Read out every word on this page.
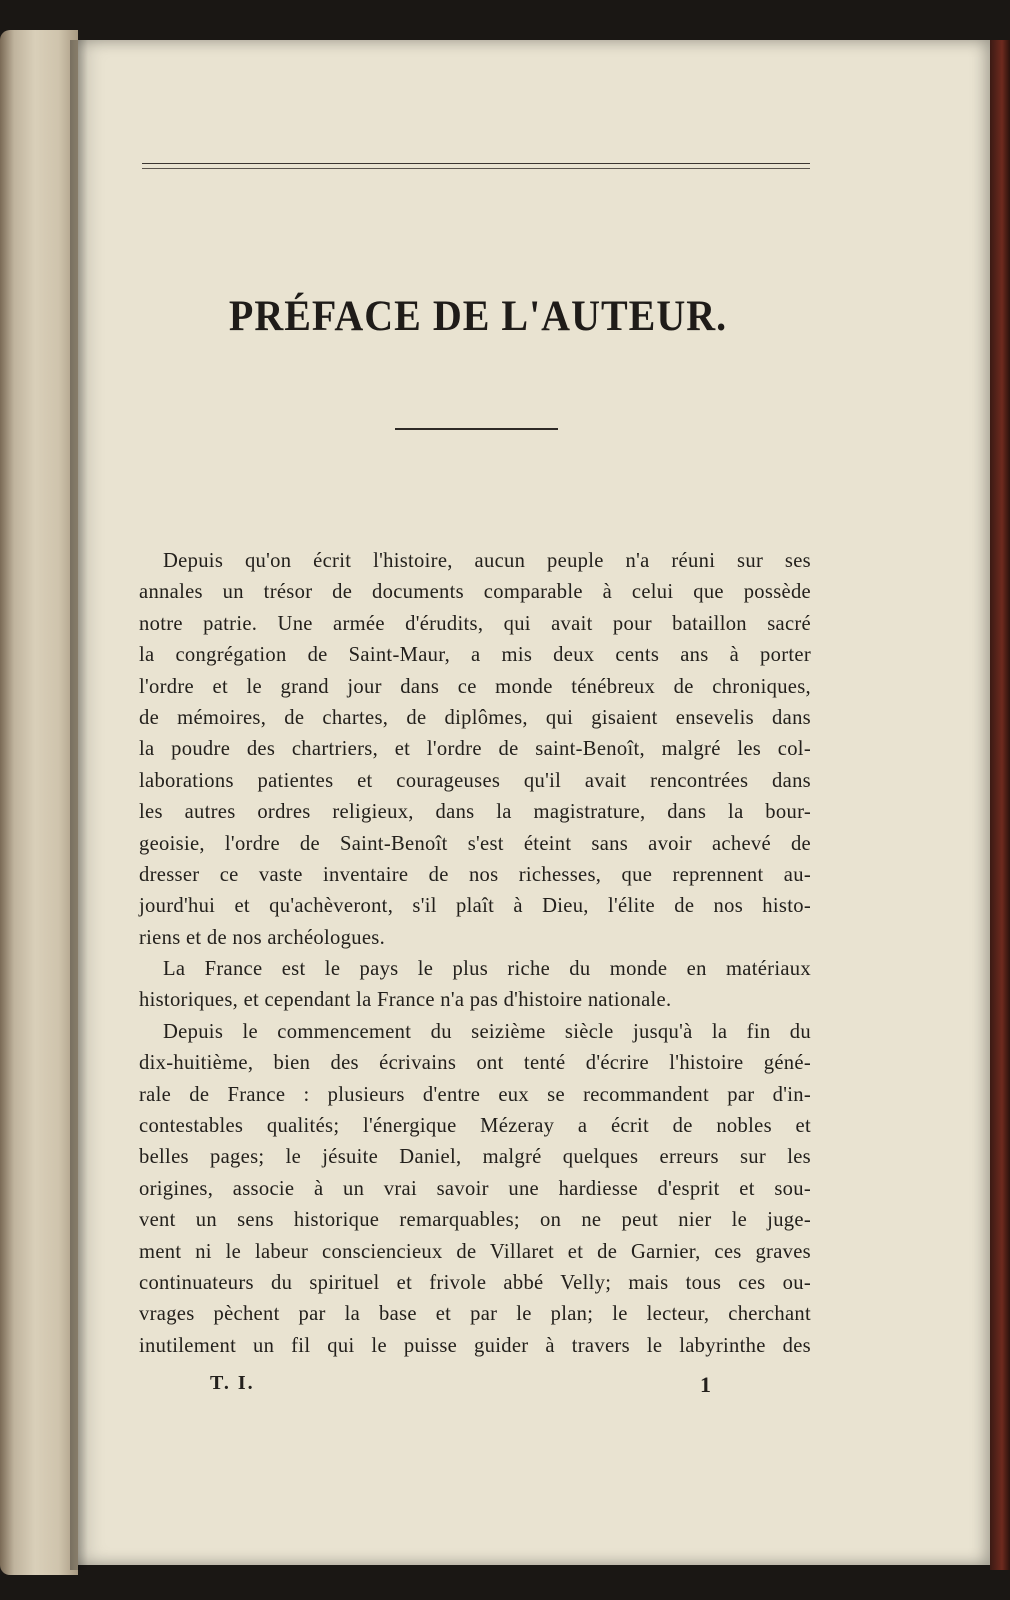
PRÉFACE DE L'AUTEUR.
Depuis qu'on écrit l'histoire, aucun peuple n'a réuni sur ses
annales un trésor de documents comparable à celui que possède
notre patrie. Une armée d'érudits, qui avait pour bataillon sacré
la congrégation de Saint-Maur, a mis deux cents ans à porter
l'ordre et le grand jour dans ce monde ténébreux de chroniques,
de mémoires, de chartes, de diplômes, qui gisaient ensevelis dans
la poudre des chartriers, et l'ordre de saint-Benoît, malgré les col-
laborations patientes et courageuses qu'il avait rencontrées dans
les autres ordres religieux, dans la magistrature, dans la bour-
geoisie, l'ordre de Saint-Benoît s'est éteint sans avoir achevé de
dresser ce vaste inventaire de nos richesses, que reprennent au-
jourd'hui et qu'achèveront, s'il plaît à Dieu, l'élite de nos histo-
riens et de nos archéologues.
La France est le pays le plus riche du monde en matériaux
historiques, et cependant la France n'a pas d'histoire nationale.
Depuis le commencement du seizième siècle jusqu'à la fin du
dix-huitième, bien des écrivains ont tenté d'écrire l'histoire géné-
rale de France : plusieurs d'entre eux se recommandent par d'in-
contestables qualités; l'énergique Mézeray a écrit de nobles et
belles pages; le jésuite Daniel, malgré quelques erreurs sur les
origines, associe à un vrai savoir une hardiesse d'esprit et sou-
vent un sens historique remarquables; on ne peut nier le juge-
ment ni le labeur consciencieux de Villaret et de Garnier, ces graves
continuateurs du spirituel et frivole abbé Velly; mais tous ces ou-
vrages pèchent par la base et par le plan; le lecteur, cherchant
inutilement un fil qui le puisse guider à travers le labyrinthe des
T. I.	1
